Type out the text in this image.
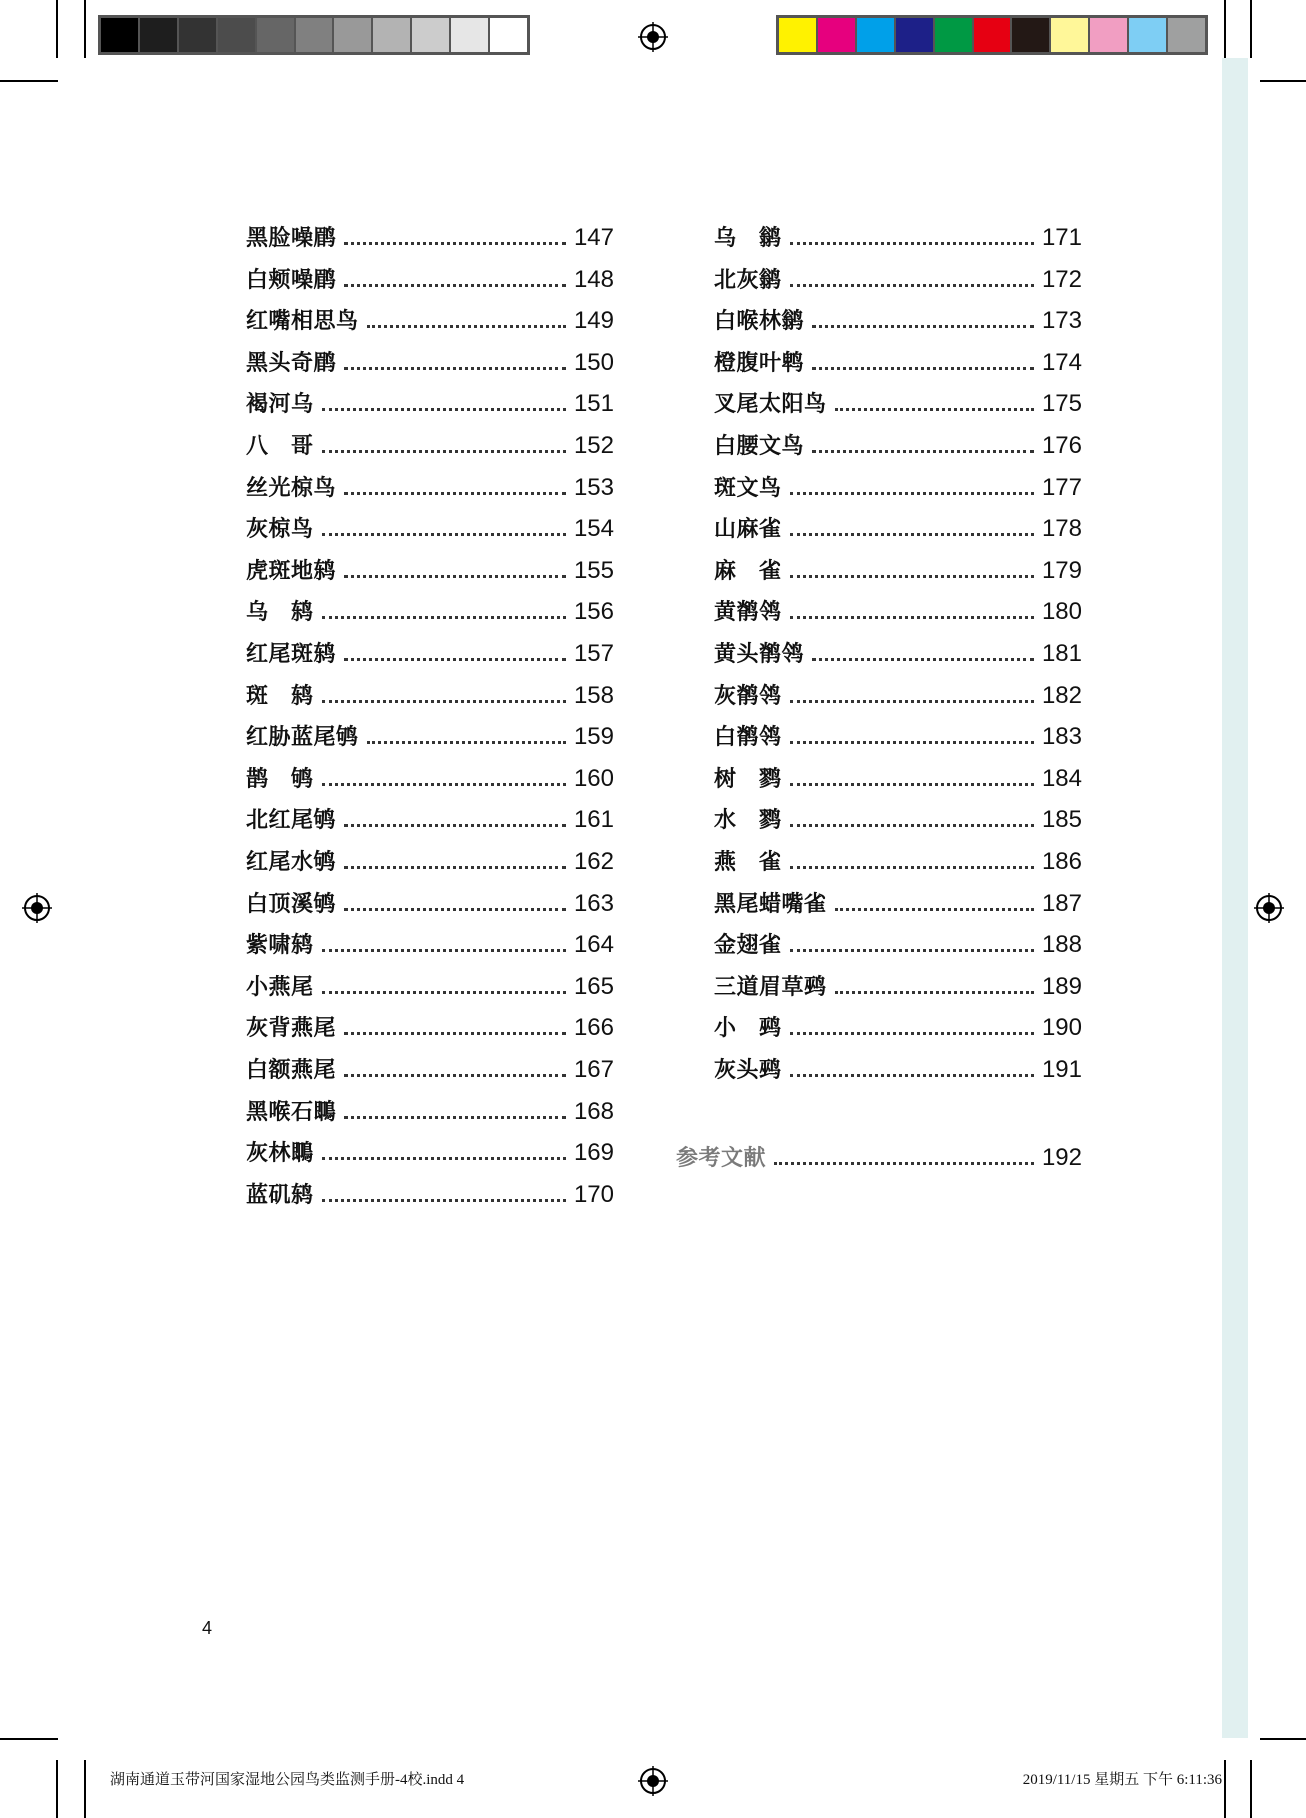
黑脸噪鹛	147
白颊噪鹛	148
红嘴相思鸟	149
黑头奇鹛	150
褐河乌	151
八　哥	152
丝光椋鸟	153
灰椋鸟	154
虎斑地鸫	155
乌　鸫	156
红尾斑鸫	157
斑　鸫	158
红胁蓝尾鸲	159
鹊　鸲	160
北红尾鸲	161
红尾水鸲	162
白顶溪鸲	163
紫啸鸫	164
小燕尾	165
灰背燕尾	166
白额燕尾	167
黑喉石䳭	168
灰林䳭	169
蓝矶鸫	170
乌　鹟	171
北灰鹟	172
白喉林鹟	173
橙腹叶鹎	174
叉尾太阳鸟	175
白腰文鸟	176
斑文鸟	177
山麻雀	178
麻　雀	179
黄鹡鸰	180
黄头鹡鸰	181
灰鹡鸰	182
白鹡鸰	183
树　鹨	184
水　鹨	185
燕　雀	186
黑尾蜡嘴雀	187
金翅雀	188
三道眉草鹀	189
小　鹀	190
灰头鹀	191
参考文献	192
4
湖南通道玉带河国家湿地公园鸟类监测手册-4校.indd 4	2019/11/15 星期五 下午 6:11:36
